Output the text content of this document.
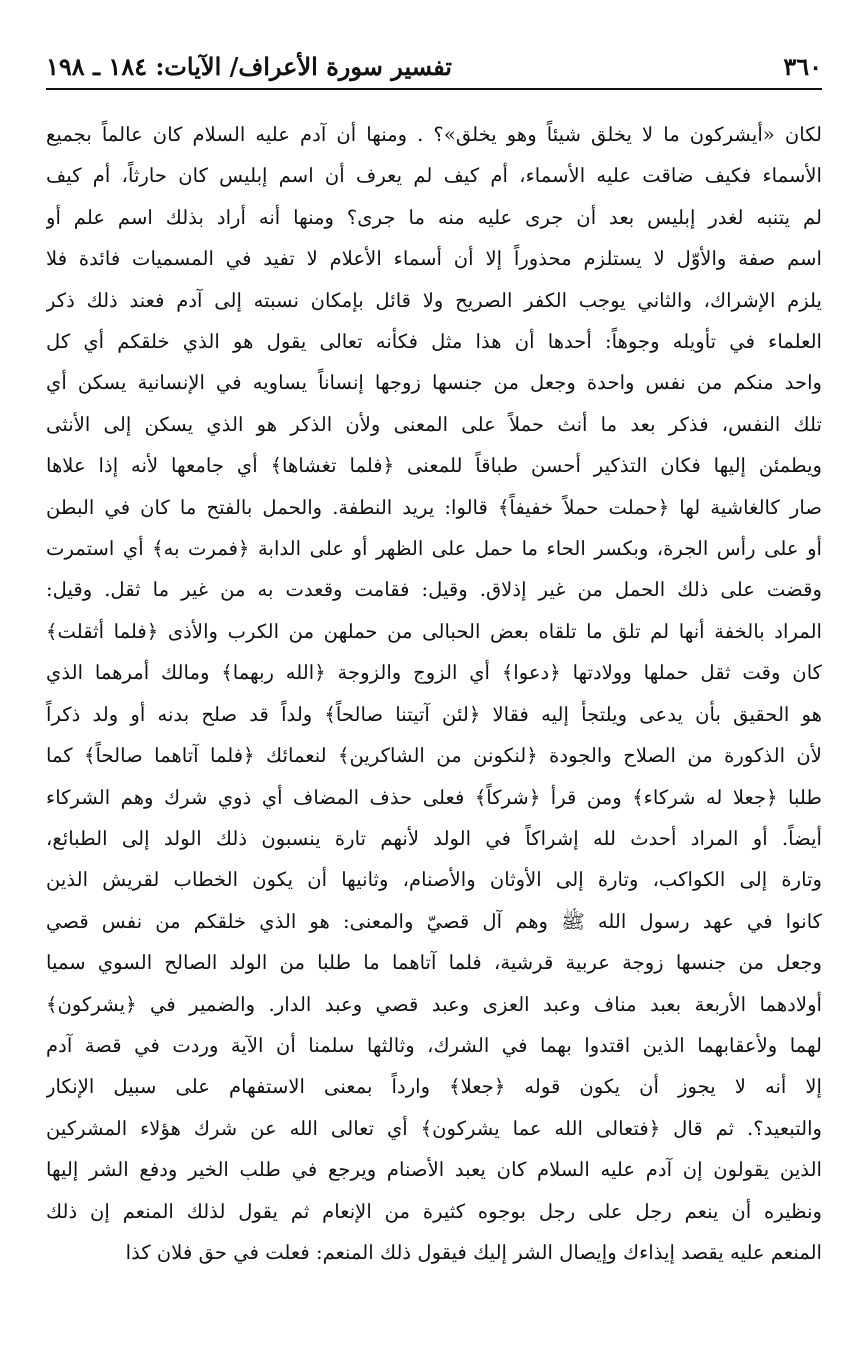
٣٦٠
تفسير سورة الأعراف/ الآيات: ١٨٤ ـ ١٩٨

لكان «أيشركون ما لا يخلق شيئاً وهو يخلق»؟ . ومنها أن آدم عليه السلام كان عالماً بجميع

الأسماء فكيف ضاقت عليه الأسماء، أم كيف لم يعرف أن اسم إبليس كان حارثاً، أم كيف

لم يتنبه لغدر إبليس بعد أن جرى عليه منه ما جرى؟ ومنها أنه أراد بذلك اسم علم أو

اسم صفة والأوّل لا يستلزم محذوراً إلا أن أسماء الأعلام لا تفيد في المسميات فائدة فلا

يلزم الإشراك، والثاني يوجب الكفر الصريح ولا قائل بإمكان نسبته إلى آدم فعند ذلك ذكر

العلماء في تأويله وجوهاً: أحدها أن هذا مثل فكأنه تعالى يقول هو الذي خلقكم أي كل

واحد منكم من نفس واحدة وجعل من جنسها زوجها إنساناً يساويه في الإنسانية يسكن أي

تلك النفس، فذكر بعد ما أنث حملاً على المعنى ولأن الذكر هو الذي يسكن إلى الأنثى

ويطمئن إليها فكان التذكير أحسن طباقاً للمعنى ﴿فلما تغشاها﴾ أي جامعها لأنه إذا علاها

صار كالغاشية لها ﴿حملت حملاً خفيفاً﴾ قالوا: يريد النطفة. والحمل بالفتح ما كان في البطن

أو على رأس الجرة، وبكسر الحاء ما حمل على الظهر أو على الدابة ﴿فمرت به﴾ أي استمرت

وقضت على ذلك الحمل من غير إذلاق. وقيل: فقامت وقعدت به من غير ما ثقل. وقيل:

المراد بالخفة أنها لم تلق ما تلقاه بعض الحبالى من حملهن من الكرب والأذى ﴿فلما أثقلت﴾

كان وقت ثقل حملها وولادتها ﴿دعوا﴾ أي الزوج والزوجة ﴿الله ربهما﴾ ومالك أمرهما الذي

هو الحقيق بأن يدعى ويلتجأ إليه فقالا ﴿لئن آتيتنا صالحاً﴾ ولداً قد صلح بدنه أو ولد ذكراً

لأن الذكورة من الصلاح والجودة ﴿لنكونن من الشاكرين﴾ لنعمائك ﴿فلما آتاهما صالحاً﴾ كما

طلبا ﴿جعلا له شركاء﴾ ومن قرأ ﴿شركاً﴾ فعلى حذف المضاف أي ذوي شرك وهم الشركاء

أيضاً. أو المراد أحدث لله إشراكاً في الولد لأنهم تارة ينسبون ذلك الولد إلى الطبائع،

وتارة إلى الكواكب، وتارة إلى الأوثان والأصنام، وثانيها أن يكون الخطاب لقريش الذين

كانوا في عهد رسول الله ﷺ وهم آل قصيّ والمعنى: هو الذي خلقكم من نفس قصي

وجعل من جنسها زوجة عربية قرشية، فلما آتاهما ما طلبا من الولد الصالح السوي سميا

أولادهما الأربعة بعبد مناف وعبد العزى وعبد قصي وعبد الدار. والضمير في ﴿يشركون﴾

لهما ولأعقابهما الذين اقتدوا بهما في الشرك، وثالثها سلمنا أن الآية وردت في قصة آدم

إلا أنه لا يجوز أن يكون قوله ﴿جعلا﴾ وارداً بمعنى الاستفهام على سبيل الإنكار

والتبعيد؟. ثم قال ﴿فتعالى الله عما يشركون﴾ أي تعالى الله عن شرك هؤلاء المشركين

الذين يقولون إن آدم عليه السلام كان يعبد الأصنام ويرجع في طلب الخير ودفع الشر إليها

ونظيره أن ينعم رجل على رجل بوجوه كثيرة من الإنعام ثم يقول لذلك المنعم إن ذلك

المنعم عليه يقصد إيذاءك وإيصال الشر إليك فيقول ذلك المنعم: فعلت في حق فلان كذا
